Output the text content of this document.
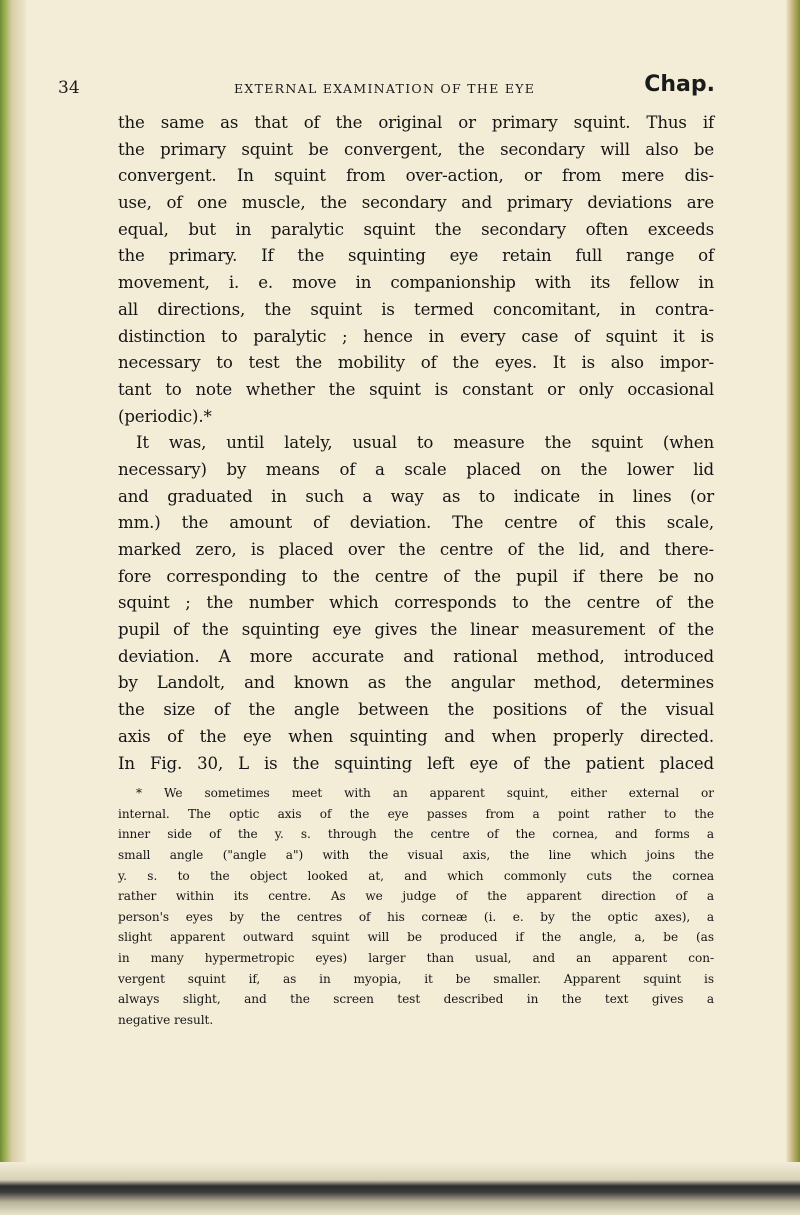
34	EXTERNAL EXAMINATION OF THE EYE	Chap.
the same as that of the original or primary squint. Thus if
the primary squint be convergent, the secondary will also be
convergent. In squint from over-action, or from mere dis-
use, of one muscle, the secondary and primary deviations are
equal, but in paralytic squint the secondary often exceeds
the primary. If the squinting eye retain full range of
movement, i. e. move in companionship with its fellow in
all directions, the squint is termed concomitant, in contra-
distinction to paralytic ; hence in every case of squint it is
necessary to test the mobility of the eyes. It is also impor-
tant to note whether the squint is constant or only occasional
(periodic).*
It was, until lately, usual to measure the squint (when
necessary) by means of a scale placed on the lower lid
and graduated in such a way as to indicate in lines (or
mm.) the amount of deviation. The centre of this scale,
marked zero, is placed over the centre of the lid, and there-
fore corresponding to the centre of the pupil if there be no
squint ; the number which corresponds to the centre of the
pupil of the squinting eye gives the linear measurement of the
deviation. A more accurate and rational method, introduced
by Landolt, and known as the angular method, determines
the size of the angle between the positions of the visual
axis of the eye when squinting and when properly directed.
In Fig. 30, L is the squinting left eye of the patient placed
* We sometimes meet with an apparent squint, either external or
internal. The optic axis of the eye passes from a point rather to the
inner side of the y. s. through the centre of the cornea, and forms a
small angle ("angle a") with the visual axis, the line which joins the
y. s. to the object looked at, and which commonly cuts the cornea
rather within its centre. As we judge of the apparent direction of a
person's eyes by the centres of his corneæ (i. e. by the optic axes), a
slight apparent outward squint will be produced if the angle, a, be (as
in many hypermetropic eyes) larger than usual, and an apparent con-
vergent squint if, as in myopia, it be smaller. Apparent squint is
always slight, and the screen test described in the text gives a
negative result.
